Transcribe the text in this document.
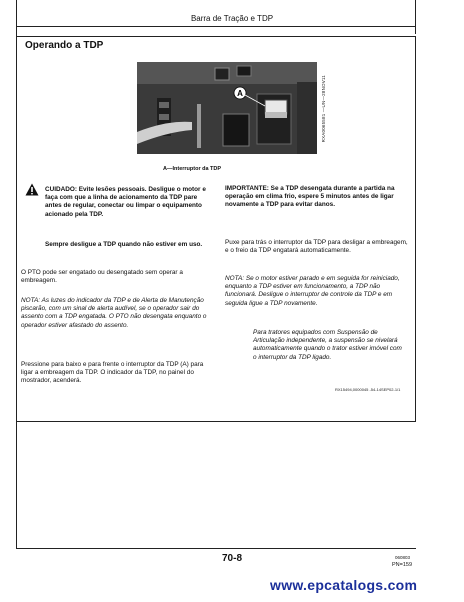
Barra de Tração e TDP
Operando a TDP
A	RXA0065581 —UN—28NOV11
A—Interruptor da TDP
CUIDADO: Evite lesões pessoais. Desligue o motor e faça com que a linha de acionamento da TDP pare antes de regular, conectar ou limpar o equipamento acionado pela TDP.
Sempre desligue a TDP quando não estiver em uso.
O PTO pode ser engatado ou desengatado sem operar a embreagem.
NOTA: As luzes do indicador da TDP e de Alerta de Manutenção piscarão, com um sinal de alerta audível, se o operador sair do assento com a TDP engatada. O PTO não desengata enquanto o operador estiver afastado do assento.
Pressione para baixo e para frente o interruptor da TDP (A) para ligar a embreagem da TDP. O indicador da TDP, no painel do mostrador, acenderá.
IMPORTANTE: Se a TDP desengata durante a partida na operação em clima frio, espere 5 minutos antes de ligar novamente a TDP para evitar danos.
Puxe para trás o interruptor da TDP para desligar a embreagem, e o freio da TDP engatará automaticamente.
NOTA: Se o motor estiver parado e em seguida for reiniciado, enquanto a TDP estiver em funcionamento, a TDP não funcionará. Desligue o interruptor de controle da TDP e em seguida ligue a TDP novamente.
Para tratores equipados com Suspensão de Articulação independente, a suspensão se nivelará automaticamente quando o trator estiver imóvel com o interruptor da TDP ligado.
RX15494,0000045 -54-14SEP02-1/1
70-8	060803
PN=159
www.epcatalogs.com
